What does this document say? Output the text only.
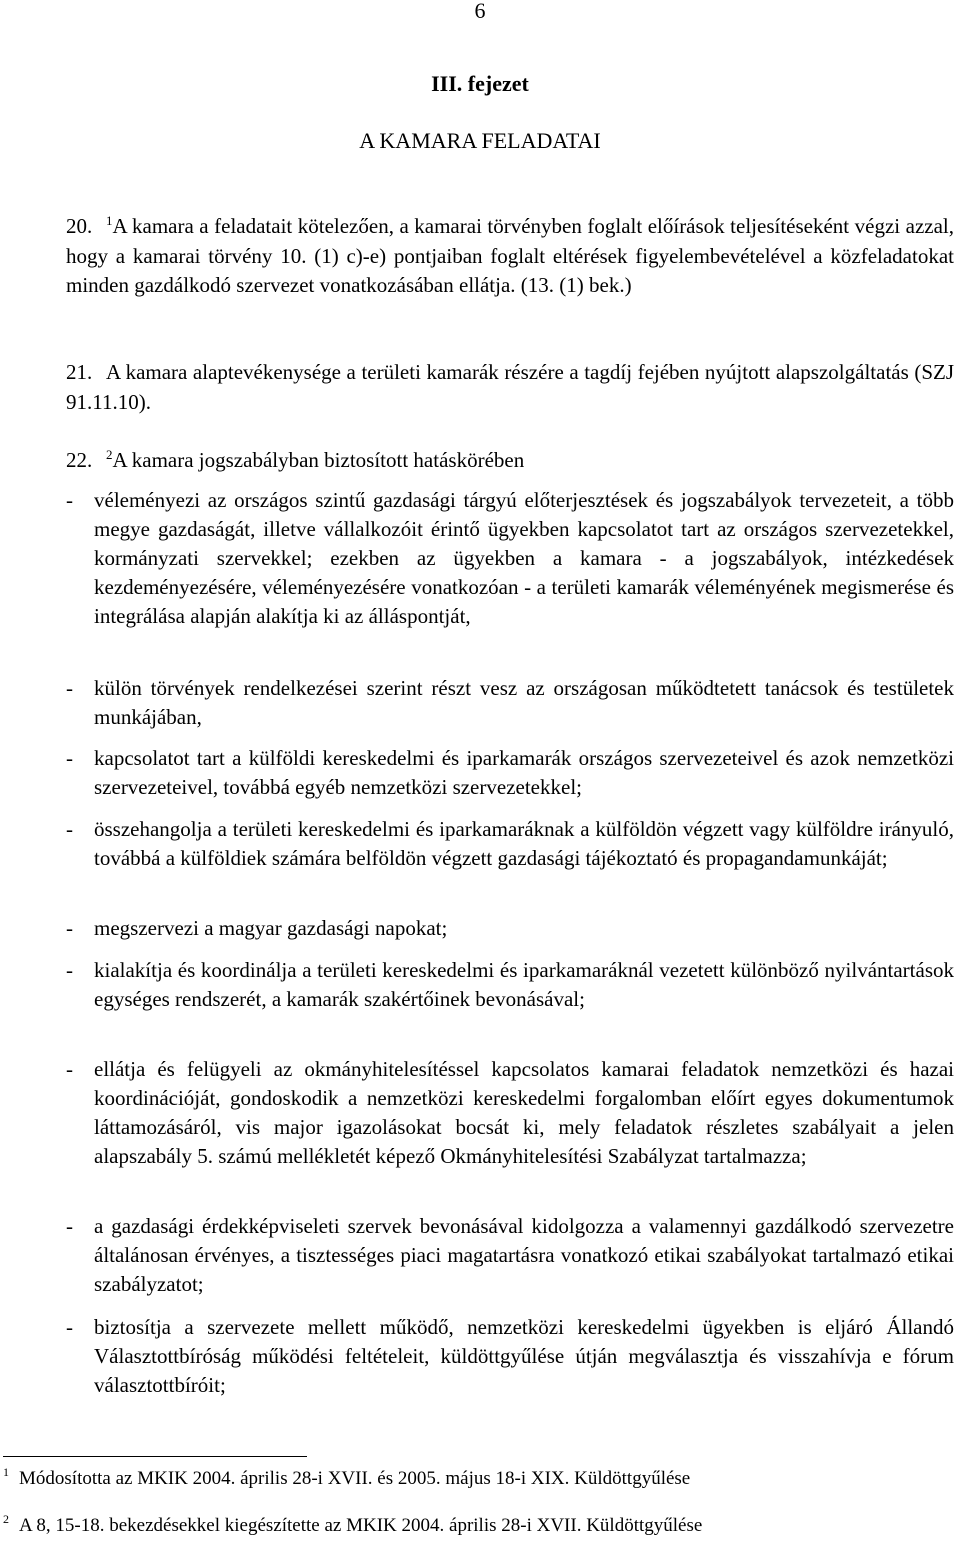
6
III. fejezet
A KAMARA FELADATAI
20. $^1$A kamara a feladatait kötelezően, a kamarai törvényben foglalt előírások teljesítéseként végzi azzal, hogy a kamarai törvény 10. (1) c)-e) pontjaiban foglalt eltérések figyelembevételével a közfeladatokat minden gazdálkodó szervezet vonatkozásában ellátja. (13. (1) bek.)
21. A kamara alaptevékenysége a területi kamarák részére a tagdíj fejében nyújtott alapszolgáltatás (SZJ 91.11.10).
22. $^2$A kamara jogszabályban biztosított hatáskörében
-	véleményezi az országos szintű gazdasági tárgyú előterjesztések és jogszabályok tervezeteit, a több megye gazdaságát, illetve vállalkozóit érintő ügyekben kapcsolatot tart az országos szervezetekkel, kormányzati szervekkel; ezekben az ügyekben a kamara - a jogszabályok, intézkedések kezdeményezésére, véleményezésére vonatkozóan - a területi kamarák véleményének megismerése és integrálása alapján alakítja ki az álláspontját,
-	külön törvények rendelkezései szerint részt vesz az országosan működtetett tanácsok és testületek munkájában,
-	kapcsolatot tart a külföldi kereskedelmi és iparkamarák országos szervezeteivel és azok nemzetközi szervezeteivel, továbbá egyéb nemzetközi szervezetekkel;
-	összehangolja a területi kereskedelmi és iparkamaráknak a külföldön végzett vagy külföldre irányuló, továbbá a külföldiek számára belföldön végzett gazdasági tájékoztató és propagandamunkáját;
-	megszervezi a magyar gazdasági napokat;
-	kialakítja és koordinálja a területi kereskedelmi és iparkamaráknál vezetett különböző nyilvántartások egységes rendszerét, a kamarák szakértőinek bevonásával;
-	ellátja és felügyeli az okmányhitelesítéssel kapcsolatos kamarai feladatok nemzetközi és hazai koordinációját, gondoskodik a nemzetközi kereskedelmi forgalomban előírt egyes dokumentumok láttamozásáról, vis major igazolásokat bocsát ki, mely feladatok részletes szabályait a jelen alapszabály 5. számú mellékletét képező Okmányhitelesítési Szabályzat tartalmazza;
-	a gazdasági érdekképviseleti szervek bevonásával kidolgozza a valamennyi gazdálkodó szervezetre általánosan érvényes, a tisztességes piaci magatartásra vonatkozó etikai szabályokat tartalmazó etikai szabályzatot;
-	biztosítja a szervezete mellett működő, nemzetközi kereskedelmi ügyekben is eljáró Állandó Választottbíróság működési feltételeit, küldöttgyűlése útján megválasztja és visszahívja e fórum választottbíróit;
$^1$ Módosította az MKIK 2004. április 28-i XVII. és 2005. május 18-i XIX. Küldöttgyűlése
$^2$ A 8, 15-18. bekezdésekkel kiegészítette az MKIK 2004. április 28-i XVII. Küldöttgyűlése
